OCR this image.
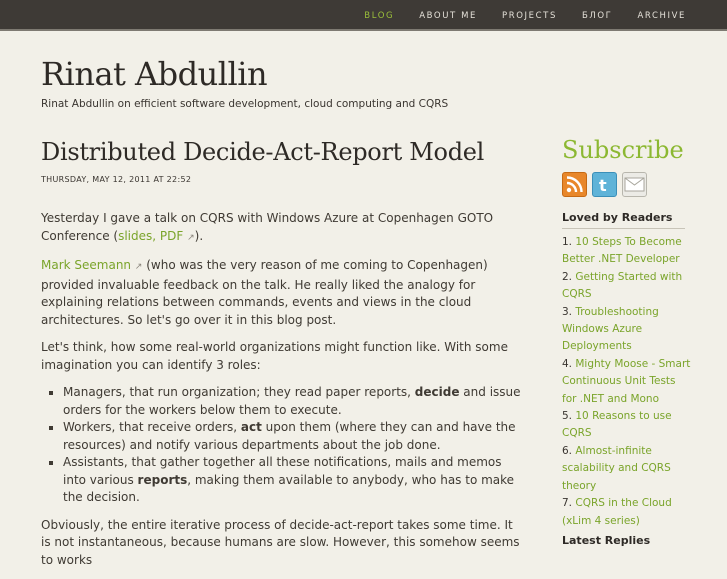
BLOG	ABOUT ME	PROJECTS	БЛОГ	ARCHIVE
Rinat Abdullin

Rinat Abdullin on efficient software development, cloud computing and CQRS

Distributed Decide-Act-Report Model
THURSDAY, MAY 12, 2011 AT 22:52

Yesterday I gave a talk on CQRS with Windows Azure at Copenhagen GOTO Conference (slides, PDF ↗).

Mark Seemann ↗ (who was the very reason of me coming to Copenhagen) provided invaluable feedback on the talk. He really liked the analogy for explaining relations between commands, events and views in the cloud architectures. So let's go over it in this blog post.

Let's think, how some real-world organizations might function like. With some imagination you can identify 3 roles:

▪ Managers, that run organization; they read paper reports, decide and issue orders for the workers below them to execute.
▪ Workers, that receive orders, act upon them (where they can and have the resources) and notify various departments about the job done.
▪ Assistants, that gather together all these notifications, mails and memos into various reports, making them available to anybody, who has to make the decision.

Obviously, the entire iterative process of decide-act-report takes some time. It is not instantaneous, because humans are slow. However, this somehow seems to works

Subscribe
t
Loved by Readers
1. 10 Steps To Become Better .NET Developer
2. Getting Started with CQRS
3. Troubleshooting Windows Azure Deployments
4. Mighty Moose - Smart Continuous Unit Tests for .NET and Mono
5. 10 Reasons to use CQRS
6. Almost-infinite scalability and CQRS theory
7. CQRS in the Cloud (xLim 4 series)
Latest Replies
